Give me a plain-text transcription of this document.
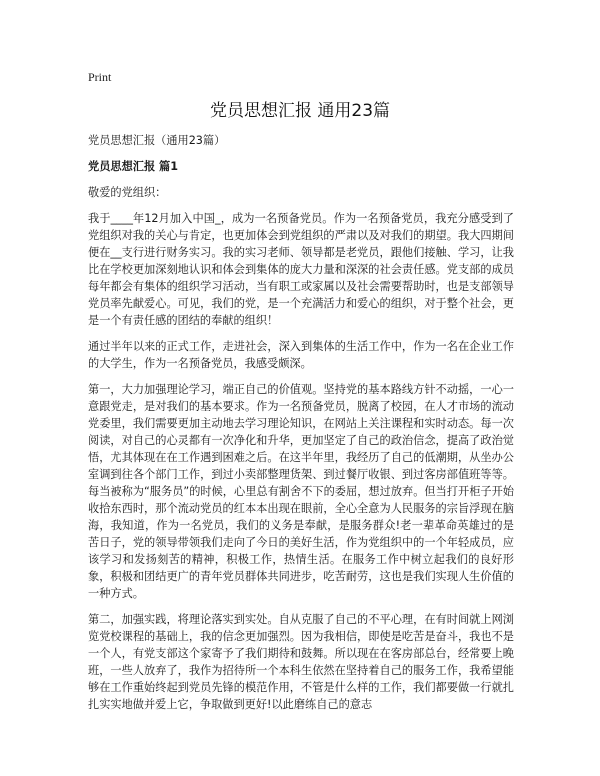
Print
党员思想汇报 通用23篇

党员思想汇报（通用23篇）

党员思想汇报 篇1

敬爱的党组织：

我于____年12月加入中国_，成为一名预备党员。作为一名预备党员，我充分感受到了党组织对我的关心与肯定，也更加体会到党组织的严肃以及对我们的期望。我大四期间便在__支行进行财务实习。我的实习老师、领导都是老党员，跟他们接触、学习，让我比在学校更加深刻地认识和体会到集体的庞大力量和深深的社会责任感。党支部的成员每年都会有集体的组织学习活动，当有职工或家属以及社会需要帮助时，也是支部领导党员率先献爱心。可见，我们的党，是一个充满活力和爱心的组织，对于整个社会，更是一个有责任感的团结的奉献的组织！

通过半年以来的正式工作，走进社会，深入到集体的生活工作中，作为一名在企业工作的大学生，作为一名预备党员，我感受颇深。

第一，大力加强理论学习，端正自己的价值观。坚持党的基本路线方针不动摇，一心一意跟党走，是对我们的基本要求。作为一名预备党员，脱离了校园，在人才市场的流动党委里，我们需要更加主动地去学习理论知识，在网站上关注课程和实时动态。每一次阅读，对自己的心灵都有一次净化和升华，更加坚定了自己的政治信念，提高了政治觉悟，尤其体现在在工作遇到困难之后。在这半年里，我经历了自己的低潮期，从坐办公室调到往各个部门工作，到过小卖部整理货架、到过餐厅收银、到过客房部值班等等。每当被称为“服务员”的时候，心里总有割舍不下的委屈，想过放弃。但当打开柜子开始收拾东西时，那个流动党员的红本本出现在眼前，全心全意为人民服务的宗旨浮现在脑海，我知道，作为一名党员，我们的义务是奉献，是服务群众!老一辈革命英雄过的是苦日子，党的领导带领我们走向了今日的美好生活，作为党组织中的一个年轻成员，应该学习和发扬刻苦的精神，积极工作，热情生活。在服务工作中树立起我们的良好形象，积极和团结更广的青年党员群体共同进步，吃苦耐劳，这也是我们实现人生价值的一种方式。

第二，加强实践，将理论落实到实处。自从克服了自己的不平心理，在有时间就上网浏览党校课程的基础上，我的信念更加强烈。因为我相信，即使是吃苦是奋斗，我也不是一个人，有党支部这个家寄予了我们期待和鼓舞。所以现在在客房部总台，经常要上晚班，一些人放弃了，我作为招待所一个本科生依然在坚持着自己的服务工作，我希望能够在工作重始终起到党员先锋的模范作用，不管是什么样的工作，我们都要做一行就扎扎实实地做并爱上它，争取做到更好!以此磨练自己的意志
